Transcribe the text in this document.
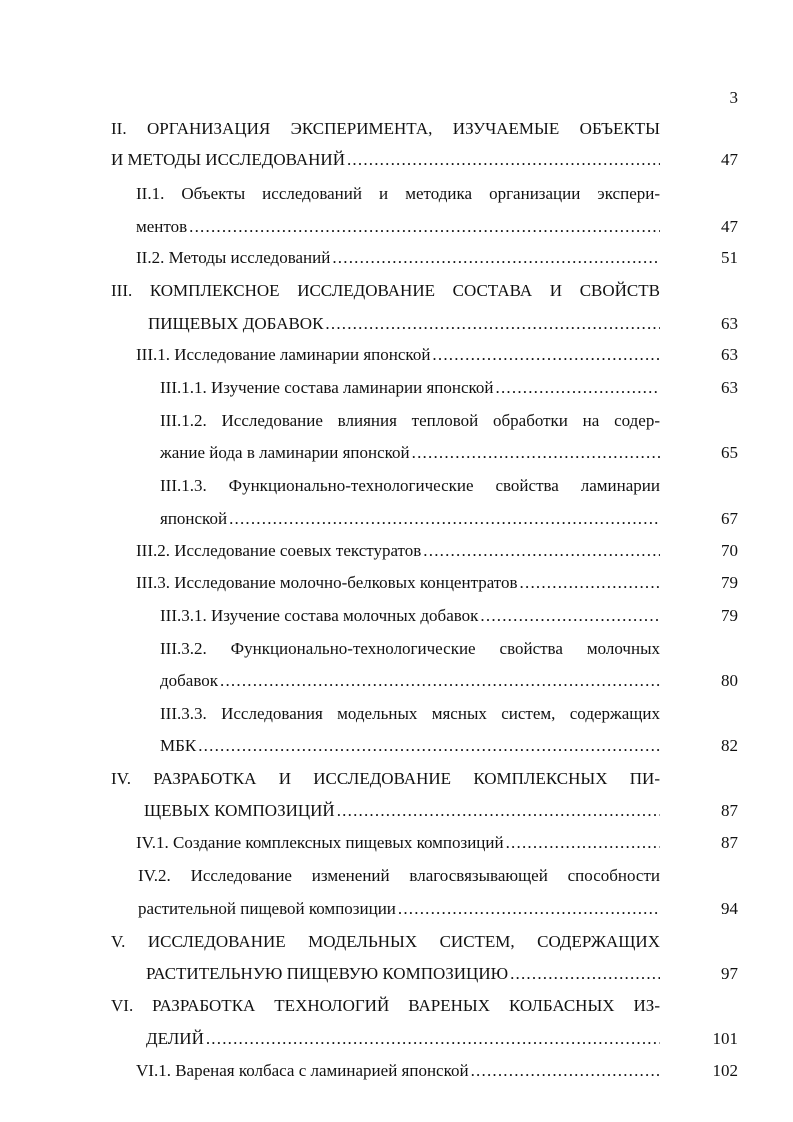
3
II. ОРГАНИЗАЦИЯ ЭКСПЕРИМЕНТА, ИЗУЧАЕМЫЕ ОБЪЕКТЫ
И МЕТОДЫ ИССЛЕДОВАНИЙ .....	47
II.1. Объекты исследований и методика организации экспери-
ментов .....	47
II.2. Методы исследований .....	51
III. КОМПЛЕКСНОЕ ИССЛЕДОВАНИЕ СОСТАВА И СВОЙСТВ
ПИЩЕВЫХ ДОБАВОК .....	63
III.1. Исследование ламинарии японской .....	63
III.1.1. Изучение состава ламинарии японской .....	63
III.1.2. Исследование влияния тепловой обработки на содер-
жание йода в ламинарии японской .....	65
III.1.3. Функционально-технологические свойства ламинарии
японской .....	67
III.2. Исследование соевых текстуратов .....	70
III.3. Исследование молочно-белковых концентратов .....	79
III.3.1. Изучение состава молочных добавок .....	79
III.3.2. Функционально-технологические свойства молочных
добавок .....	80
III.3.3. Исследования модельных мясных систем, содержащих
МБК .....	82
IV. РАЗРАБОТКА И ИССЛЕДОВАНИЕ КОМПЛЕКСНЫХ ПИ-
ЩЕВЫХ КОМПОЗИЦИЙ .....	87
IV.1. Создание комплексных пищевых композиций .....	87
IV.2. Исследование изменений влагосвязывающей способности
растительной пищевой композиции .....	94
V. ИССЛЕДОВАНИЕ МОДЕЛЬНЫХ СИСТЕМ, СОДЕРЖАЩИХ
РАСТИТЕЛЬНУЮ ПИЩЕВУЮ КОМПОЗИЦИЮ .....	97
VI. РАЗРАБОТКА ТЕХНОЛОГИЙ ВАРЕНЫХ КОЛБАСНЫХ ИЗ-
ДЕЛИЙ .....	101
VI.1. Вареная колбаса с ламинарией японской .....	102
